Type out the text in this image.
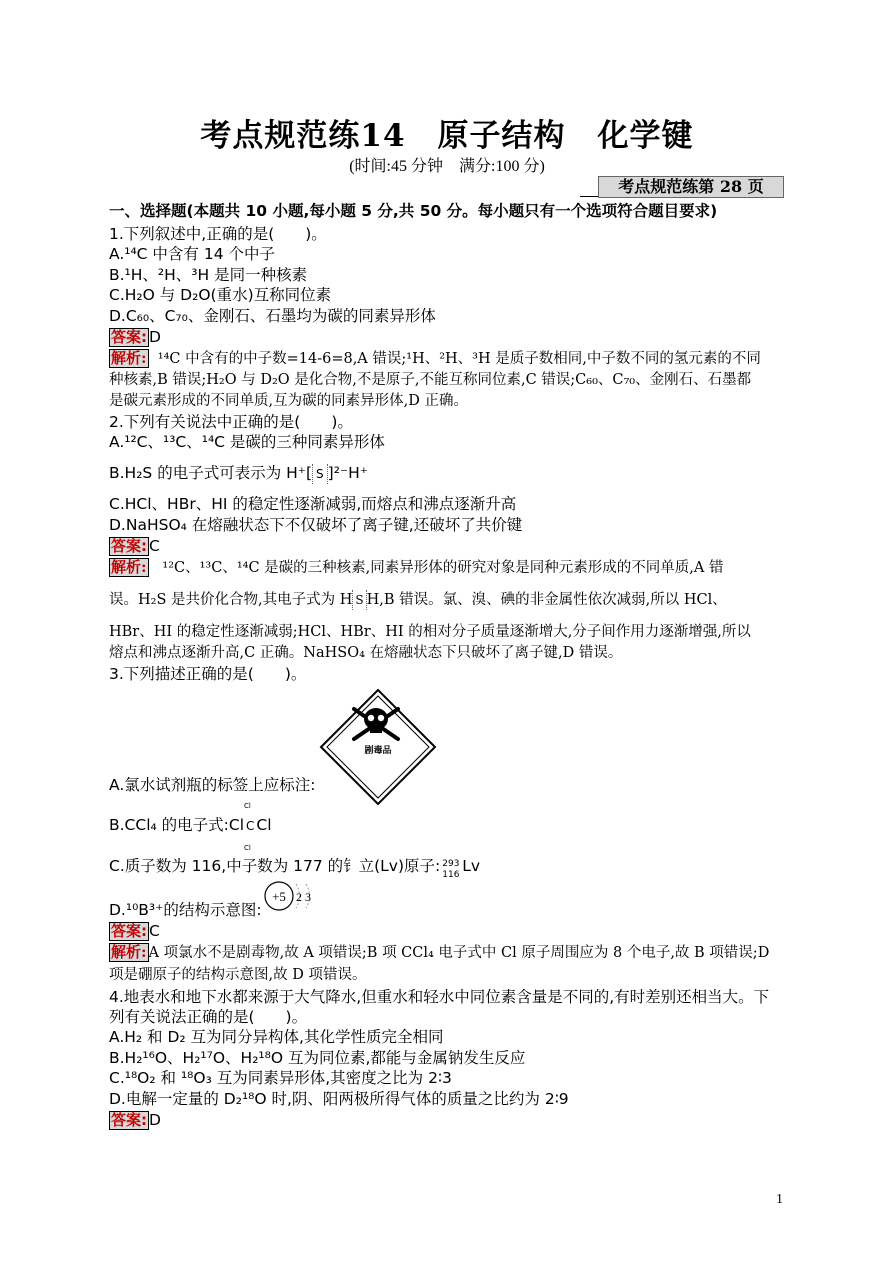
考点规范练14　原子结构　化学键
(时间:45 分钟　满分:100 分)
考点规范练第 28 页
一、选择题(本题共 10 小题,每小题 5 分,共 50 分。每小题只有一个选项符合题目要求)
1.下列叙述中,正确的是(　　)。
A.¹⁴C 中含有 14 个中子
B.¹H、²H、³H 是同一种核素
C.H₂O 与 D₂O(重水)互称同位素
D.C₆₀、C₇₀、金刚石、石墨均为碳的同素异形体
答案: D
解析: ¹⁴C 中含有的中子数=14-6=8,A 错误;¹H、²H、³H 是质子数相同,中子数不同的氢元素的不同
种核素,B 错误;H₂O 与 D₂O 是化合物,不是原子,不能互称同位素,C 错误;C₆₀、C₇₀、金刚石、石墨都
是碳元素形成的不同单质,互为碳的同素异形体,D 正确。
2.下列有关说法中正确的是(　　)。
A.¹²C、¹³C、¹⁴C 是碳的三种同素异形体
B.H₂S 的电子式可表示为 H⁺[ S ]²⁻H⁺
C.HCl、HBr、HI 的稳定性逐渐减弱,而熔点和沸点逐渐升高
D.NaHSO₄ 在熔融状态下不仅破坏了离子键,还破坏了共价键
答案: C
解析: ¹²C、¹³C、¹⁴C 是碳的三种核素,同素异形体的研究对象是同种元素形成的不同单质,A 错
误。H₂S 是共价化合物,其电子式为 H S H,B 错误。氯、溴、碘的非金属性依次减弱,所以 HCl、
HBr、HI 的稳定性逐渐减弱;HCl、HBr、HI 的相对分子质量逐渐增大,分子间作用力逐渐增强,所以
熔点和沸点逐渐升高,C 正确。NaHSO₄ 在熔融状态下只破坏了离子键,D 错误。
3.下列描述正确的是(　　)。
剧毒品
A.氯水试剂瓶的标签上应标注:
B.CCl₄ 的电子式:Cl
Cl
C
Cl
Cl
C.质子数为 116,中子数为 177 的钅立(Lv)原子: 293
116 Lv
D.¹⁰B³⁺的结构示意图:
+5 2 3
答案: C
解析: A 项氯水不是剧毒物,故 A 项错误;B 项 CCl₄ 电子式中 Cl 原子周围应为 8 个电子,故 B 项错误;D
项是硼原子的结构示意图,故 D 项错误。
4.地表水和地下水都来源于大气降水,但重水和轻水中同位素含量是不同的,有时差别还相当大。下
列有关说法正确的是(　　)。
A.H₂ 和 D₂ 互为同分异构体,其化学性质完全相同
B.H₂¹⁶O、H₂¹⁷O、H₂¹⁸O 互为同位素,都能与金属钠发生反应
C.¹⁸O₂ 和 ¹⁸O₃ 互为同素异形体,其密度之比为 2∶3
D.电解一定量的 D₂¹⁸O 时,阴、阳两极所得气体的质量之比约为 2∶9
答案: D
1
